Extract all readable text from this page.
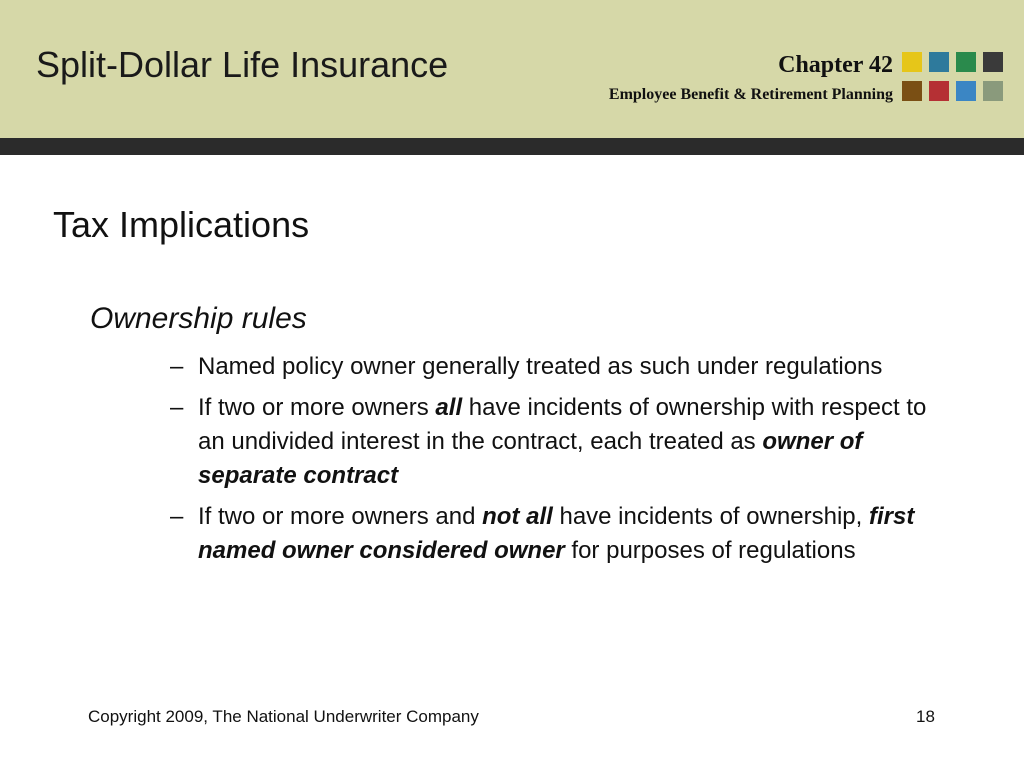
Split-Dollar Life Insurance	Chapter 42
Employee Benefit & Retirement Planning
Tax Implications
Ownership rules
– Named policy owner generally treated as such under regulations
– If two or more owners all have incidents of ownership with respect to an undivided interest in the contract, each treated as owner of separate contract
– If two or more owners and not all have incidents of ownership, first named owner considered owner for purposes of regulations
Copyright 2009, The National Underwriter Company	18
